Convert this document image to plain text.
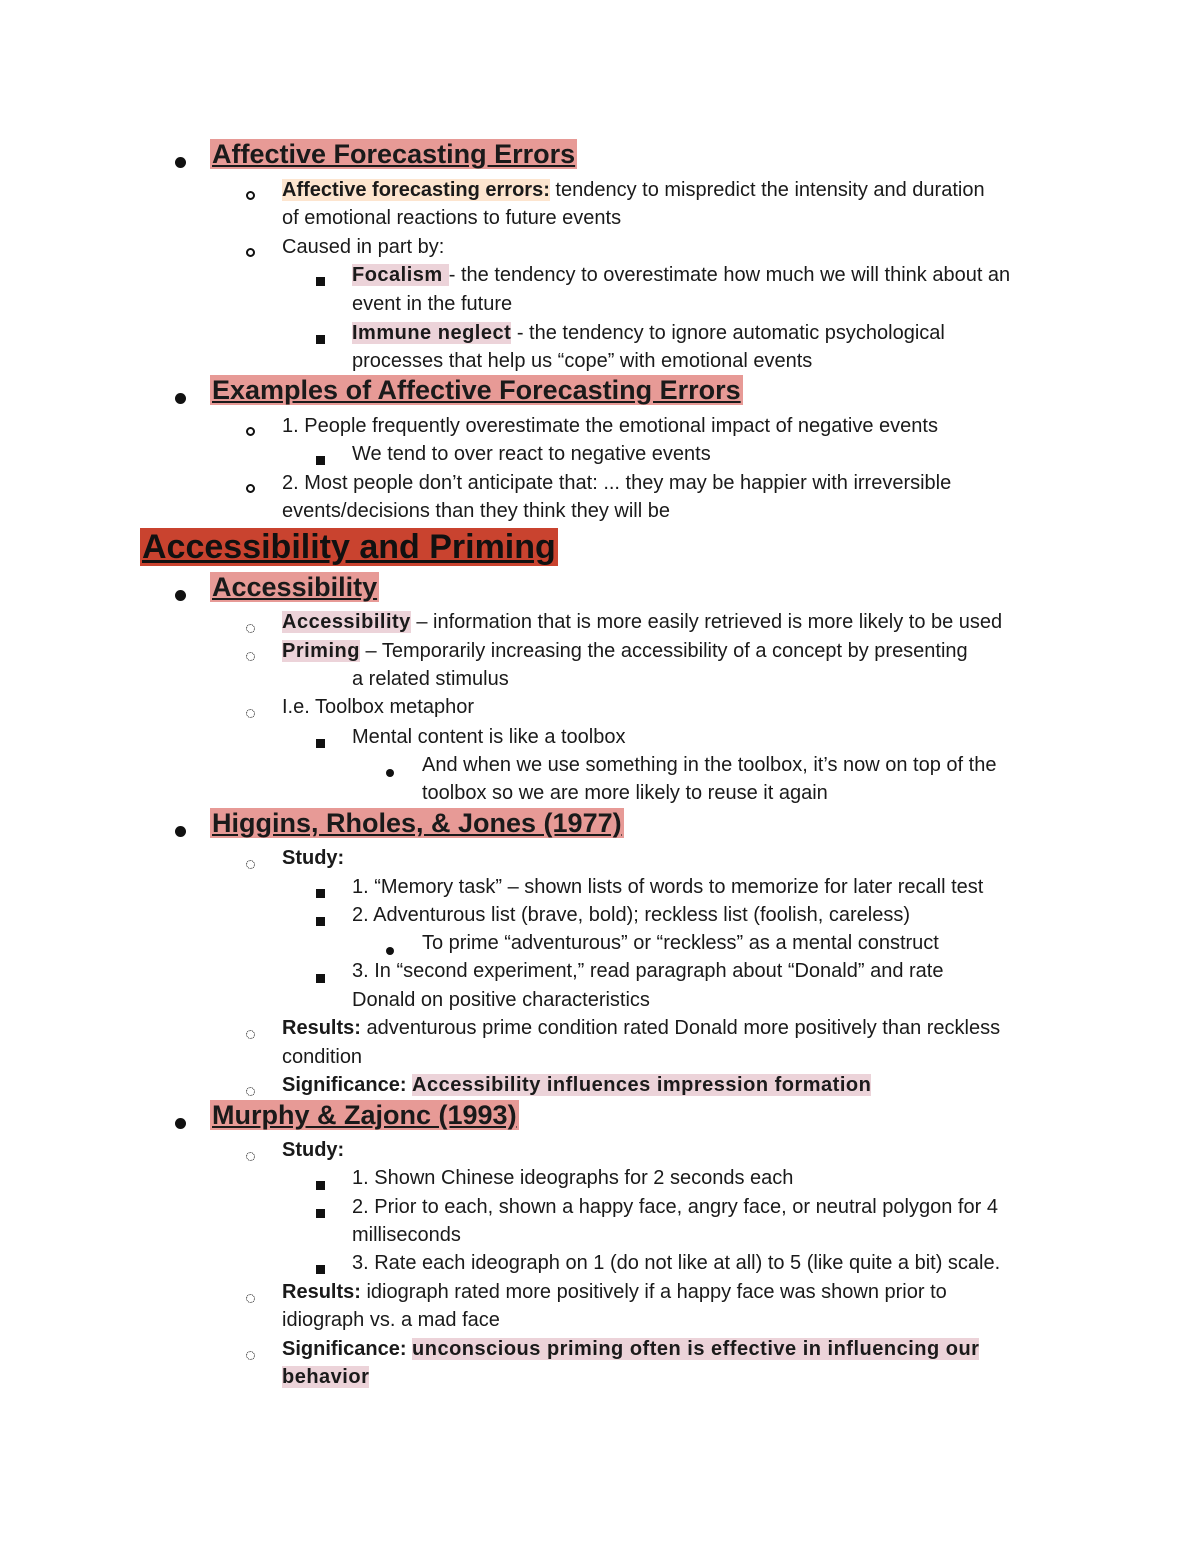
Affective Forecasting Errors
Affective forecasting errors: tendency to mispredict the intensity and duration
of emotional reactions to future events
Caused in part by:
Focalism - the tendency to overestimate how much we will think about an
event in the future
Immune neglect - the tendency to ignore automatic psychological
processes that help us “cope” with emotional events
Examples of Affective Forecasting Errors
1. People frequently overestimate the emotional impact of negative events
We tend to over react to negative events
2. Most people don’t anticipate that: ... they may be happier with irreversible
events/decisions than they think they will be
Accessibility and Priming
Accessibility
Accessibility – information that is more easily retrieved is more likely to be used
Priming – Temporarily increasing the accessibility of a concept by presenting
a related stimulus
I.e. Toolbox metaphor
Mental content is like a toolbox
And when we use something in the toolbox, it’s now on top of the
toolbox so we are more likely to reuse it again
Higgins, Rholes, & Jones (1977)
Study:
1. “Memory task” – shown lists of words to memorize for later recall test
2. Adventurous list (brave, bold); reckless list (foolish, careless)
To prime “adventurous” or “reckless” as a mental construct
3. In “second experiment,” read paragraph about “Donald” and rate
Donald on positive characteristics
Results: adventurous prime condition rated Donald more positively than reckless
condition
Significance: Accessibility influences impression formation
Murphy & Zajonc (1993)
Study:
1. Shown Chinese ideographs for 2 seconds each
2. Prior to each, shown a happy face, angry face, or neutral polygon for 4
milliseconds
3. Rate each ideograph on 1 (do not like at all) to 5 (like quite a bit) scale.
Results: idiograph rated more positively if a happy face was shown prior to
idiograph vs. a mad face
Significance: unconscious priming often is effective in influencing our
behavior
